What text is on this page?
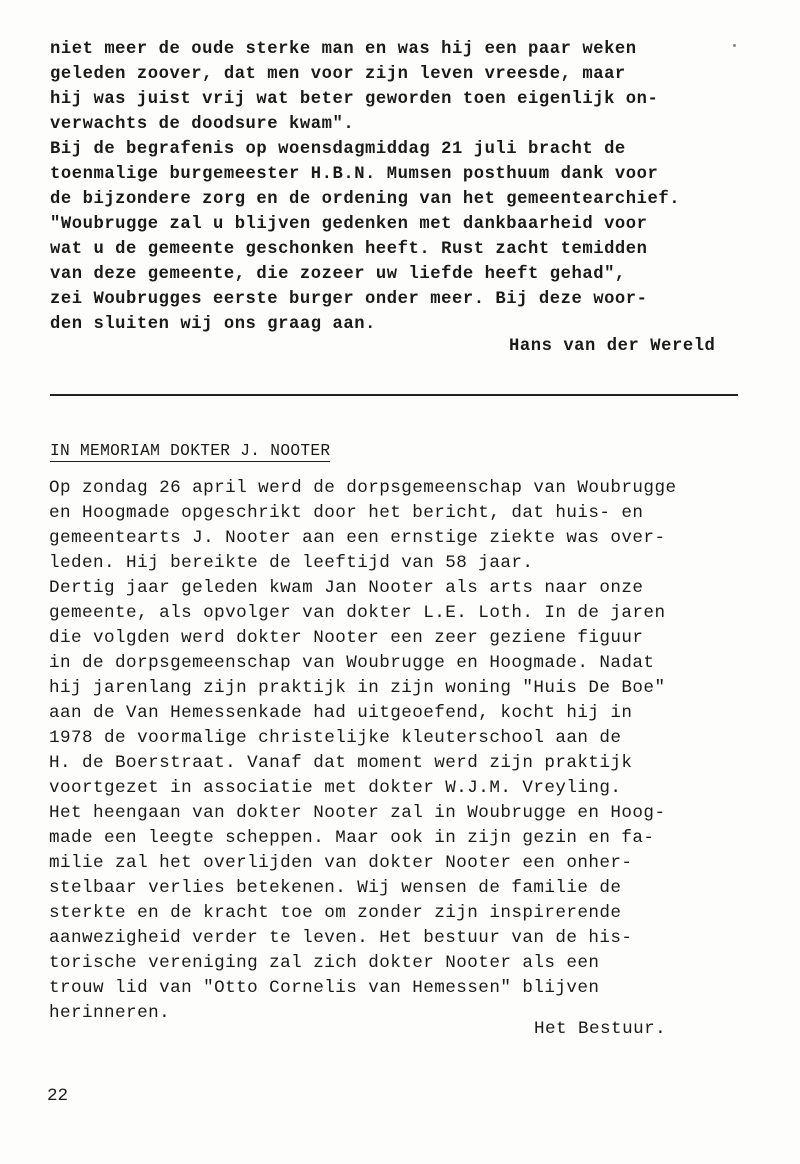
niet meer de oude sterke man en was hij een paar weken
geleden zoover, dat men voor zijn leven vreesde, maar
hij was juist vrij wat beter geworden toen eigenlijk on-
verwachts de doodsure kwam".
Bij de begrafenis op woensdagmiddag 21 juli bracht de
toenmalige burgemeester H.B.N. Mumsen posthuum dank voor
de bijzondere zorg en de ordening van het gemeentearchief.
"Woubrugge zal u blijven gedenken met dankbaarheid voor
wat u de gemeente geschonken heeft. Rust zacht temidden
van deze gemeente, die zozeer uw liefde heeft gehad",
zei Woubrugges eerste burger onder meer. Bij deze woor-
den sluiten wij ons graag aan.
Hans van der Wereld
IN MEMORIAM DOKTER J. NOOTER
Op zondag 26 april werd de dorpsgemeenschap van Woubrugge
en Hoogmade opgeschrikt door het bericht, dat huis- en
gemeentearts J. Nooter aan een ernstige ziekte was over-
leden. Hij bereikte de leeftijd van 58 jaar.
Dertig jaar geleden kwam Jan Nooter als arts naar onze
gemeente, als opvolger van dokter L.E. Loth. In de jaren
die volgden werd dokter Nooter een zeer geziene figuur
in de dorpsgemeenschap van Woubrugge en Hoogmade. Nadat
hij jarenlang zijn praktijk in zijn woning "Huis De Boe"
aan de Van Hemessenkade had uitgeoefend, kocht hij in
1978 de voormalige christelijke kleuterschool aan de
H. de Boerstraat. Vanaf dat moment werd zijn praktijk
voortgezet in associatie met dokter W.J.M. Vreyling.
Het heengaan van dokter Nooter zal in Woubrugge en Hoog-
made een leegte scheppen. Maar ook in zijn gezin en fa-
milie zal het overlijden van dokter Nooter een onher-
stelbaar verlies betekenen. Wij wensen de familie de
sterkte en de kracht toe om zonder zijn inspirerende
aanwezigheid verder te leven. Het bestuur van de his-
torische vereniging zal zich dokter Nooter als een
trouw lid van "Otto Cornelis van Hemessen" blijven
herinneren.
Het Bestuur.
22
